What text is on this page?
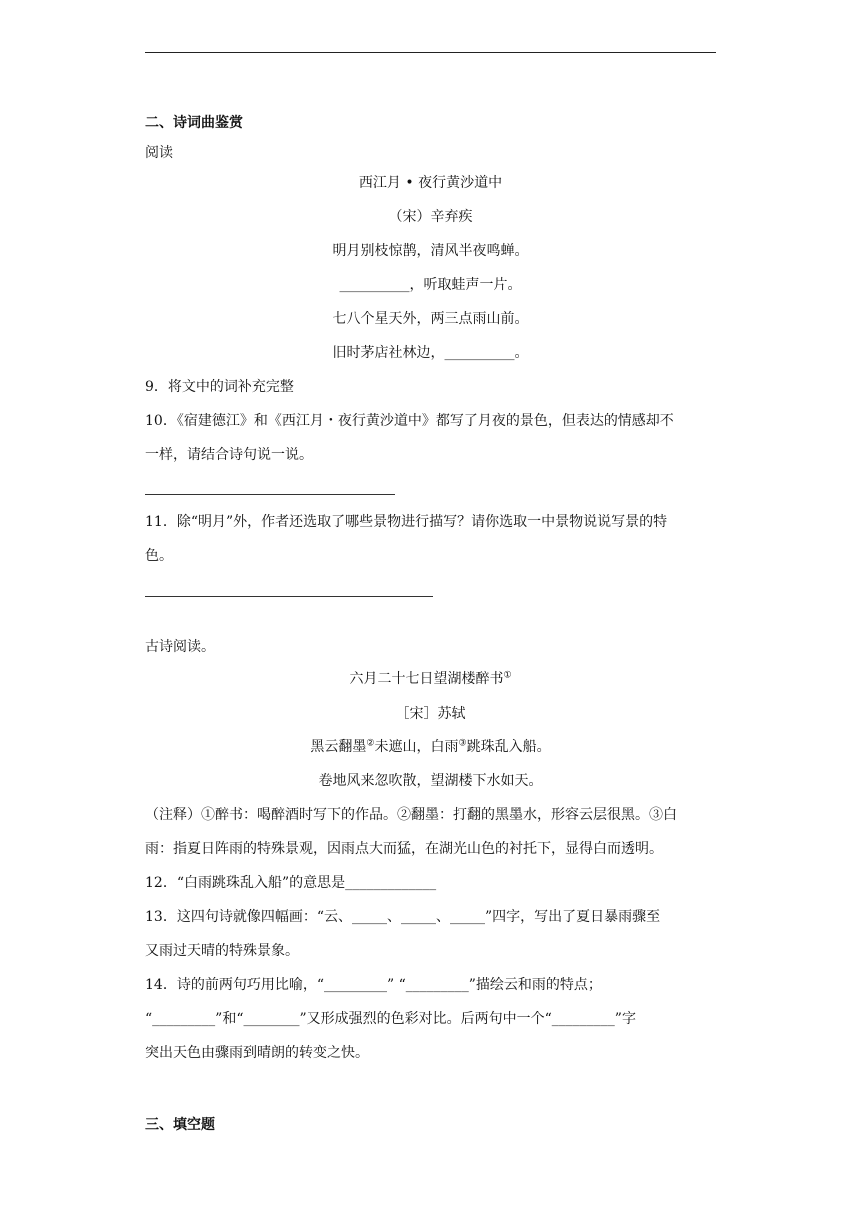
二、诗词曲鉴赏
阅读
西江月 • 夜行黄沙道中
（宋）辛弃疾
明月别枝惊鹊，清风半夜鸣蝉。
__________，听取蛙声一片。
七八个星天外，两三点雨山前。
旧时茅店社林边，__________。
9．将文中的词补充完整
10．《宿建德江》和《西江月・夜行黄沙道中》都写了月夜的景色，但表达的情感却不
一样，请结合诗句说一说。
11．除“明月”外，作者还选取了哪些景物进行描写？请你选取一中景物说说写景的特
色。
古诗阅读。
六月二十七日望湖楼醉书①
［宋］苏轼
黑云翻墨②未遮山，白雨③跳珠乱入船。
卷地风来忽吹散，望湖楼下水如天。
（注释）①醉书：喝醉酒时写下的作品。②翻墨：打翻的黑墨水，形容云层很黑。③白
雨：指夏日阵雨的特殊景观，因雨点大而猛，在湖光山色的衬托下，显得白而透明。
12．“白雨跳珠乱入船”的意思是_____________
13．这四句诗就像四幅画：“云、_____、_____、_____”四字，写出了夏日暴雨骤至
又雨过天晴的特殊景象。
14．诗的前两句巧用比喻，“_________” “_________”描绘云和雨的特点；
“_________”和“________”又形成强烈的色彩对比。后两句中一个“_________”字
突出天色由骤雨到晴朗的转变之快。
三、填空题
